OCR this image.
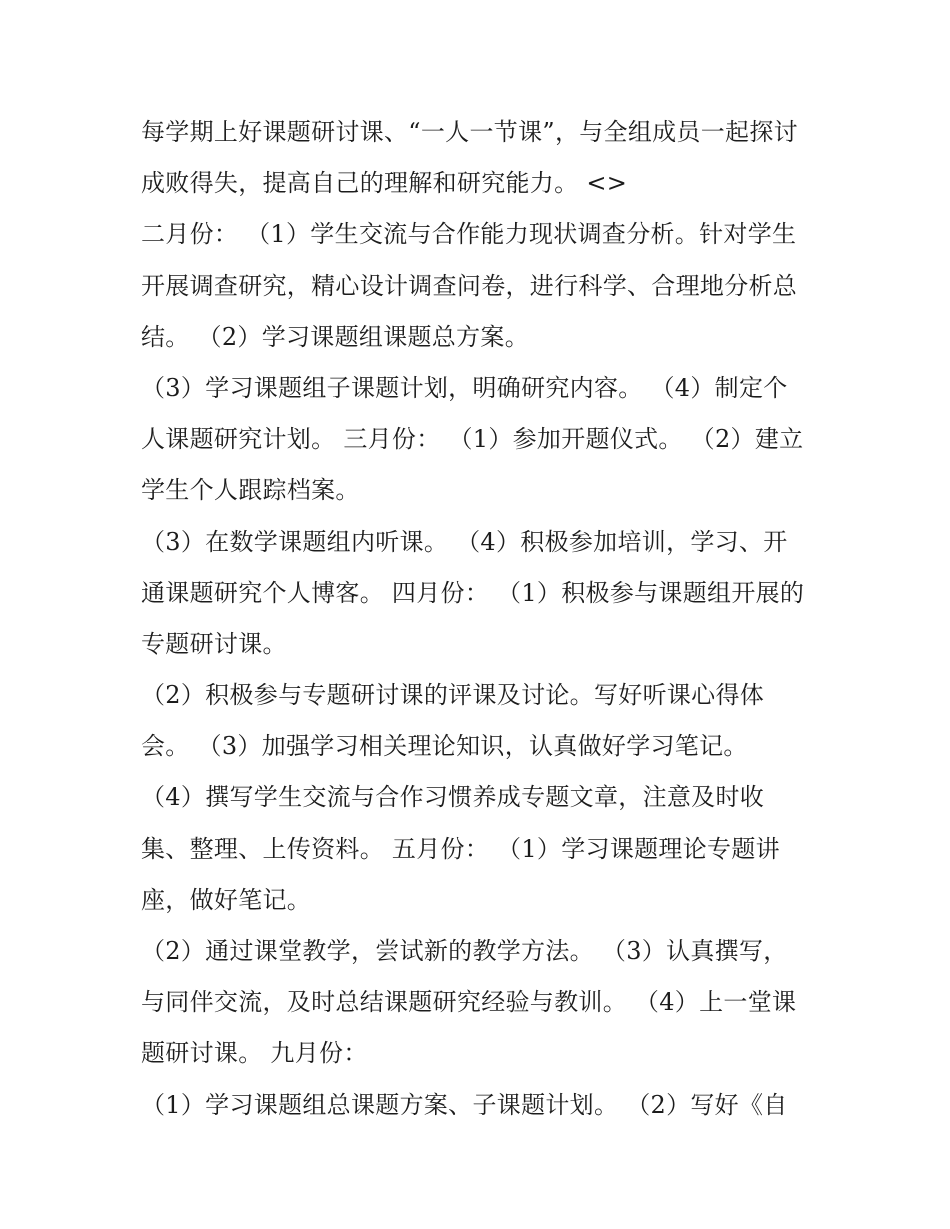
每学期上好课题研讨课、“一人一节课”，与全组成员一起探讨
成败得失，提高自己的理解和研究能力。 <>
二月份： （1）学生交流与合作能力现状调查分析。针对学生
开展调查研究，精心设计调查问卷，进行科学、合理地分析总
结。 （2）学习课题组课题总方案。
（3）学习课题组子课题计划，明确研究内容。 （4）制定个
人课题研究计划。 三月份： （1）参加开题仪式。 （2）建立
学生个人跟踪档案。
（3）在数学课题组内听课。 （4）积极参加培训，学习、开
通课题研究个人博客。 四月份： （1）积极参与课题组开展的
专题研讨课。
（2）积极参与专题研讨课的评课及讨论。写好听课心得体
会。 （3）加强学习相关理论知识，认真做好学习笔记。
（4）撰写学生交流与合作习惯养成专题文章，注意及时收
集、整理、上传资料。 五月份： （1）学习课题理论专题讲
座，做好笔记。
（2）通过课堂教学，尝试新的教学方法。 （3）认真撰写，
与同伴交流，及时总结课题研究经验与教训。 （4）上一堂课
题研讨课。 九月份：
（1）学习课题组总课题方案、子课题计划。 （2）写好《自
